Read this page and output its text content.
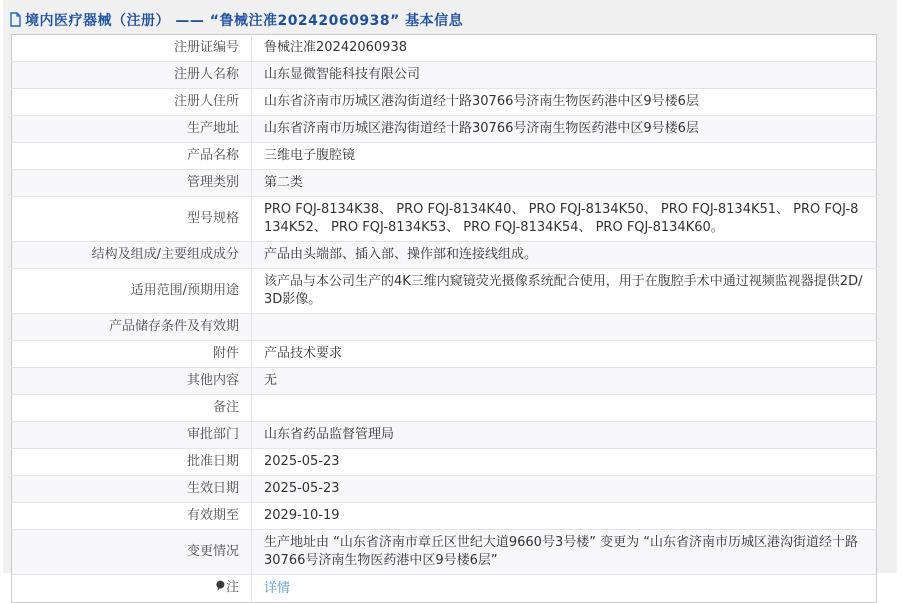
境内医疗器械（注册） —— “鲁械注准20242060938” 基本信息
注册证编号	鲁械注准20242060938
注册人名称	山东显微智能科技有限公司
注册人住所	山东省济南市历城区港沟街道经十路30766号济南生物医药港中区9号楼6层
生产地址	山东省济南市历城区港沟街道经十路30766号济南生物医药港中区9号楼6层
产品名称	三维电子腹腔镜
管理类别	第二类
型号规格	PRO FQJ-8134K38、 PRO FQJ-8134K40、 PRO FQJ-8134K50、 PRO FQJ-8134K51、 PRO FQJ-8134K52、 PRO FQJ-8134K53、 PRO FQJ-8134K54、 PRO FQJ-8134K60。
结构及组成/主要组成成分	产品由头端部、插入部、操作部和连接线组成。
适用范围/预期用途	该产品与本公司生产的4K三维内窥镜荧光摄像系统配合使用，用于在腹腔手术中通过视频监视器提供2D/3D影像。
产品储存条件及有效期	
附件	产品技术要求
其他内容	无
备注	
审批部门	山东省药品监督管理局
批准日期	2025-05-23
生效日期	2025-05-23
有效期至	2029-10-19
变更情况	生产地址由 “山东省济南市章丘区世纪大道9660号3号楼” 变更为 “山东省济南市历城区港沟街道经十路30766号济南生物医药港中区9号楼6层”
注	详情
